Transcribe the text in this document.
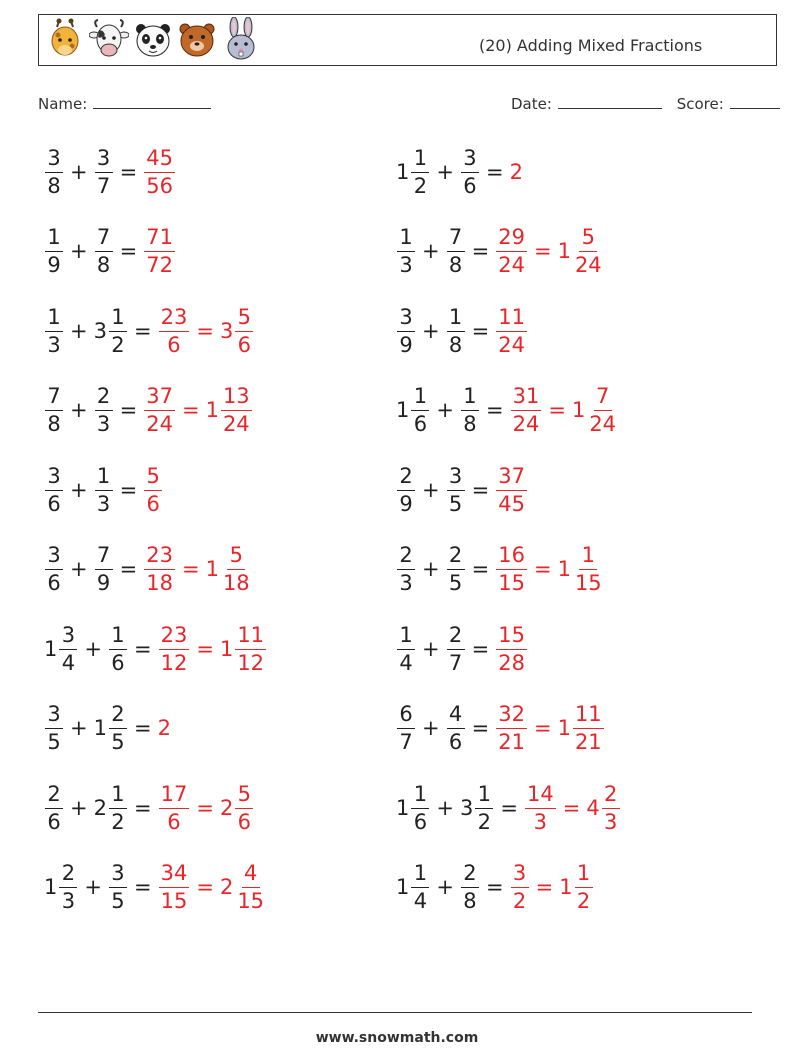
(20) Adding Mixed Fractions
Name:	Date:	Score:
$\frac{3}{8} + \frac{3}{7} = \frac{45}{56}$
$\frac{1}{9} + \frac{7}{8} = \frac{71}{72}$
$\frac{1}{3} + 3 \frac{1}{2} = \frac{23}{6} = 3 \frac{5}{6}$
$\frac{7}{8} + \frac{2}{3} = \frac{37}{24} = 1 \frac{13}{24}$
$\frac{3}{6} + \frac{1}{3} = \frac{5}{6}$
$\frac{3}{6} + \frac{7}{9} = \frac{23}{18} = 1 \frac{5}{18}$
$1 \frac{3}{4} + \frac{1}{6} = \frac{23}{12} = 1 \frac{11}{12}$
$\frac{3}{5} + 1 \frac{2}{5} = 2$
$\frac{2}{6} + 2 \frac{1}{2} = \frac{17}{6} = 2 \frac{5}{6}$
$1 \frac{2}{3} + \frac{3}{5} = \frac{34}{15} = 2 \frac{4}{15}$
$1 \frac{1}{2} + \frac{3}{6} = 2$
$\frac{1}{3} + \frac{7}{8} = \frac{29}{24} = 1 \frac{5}{24}$
$\frac{3}{9} + \frac{1}{8} = \frac{11}{24}$
$1 \frac{1}{6} + \frac{1}{8} = \frac{31}{24} = 1 \frac{7}{24}$
$\frac{2}{9} + \frac{3}{5} = \frac{37}{45}$
$\frac{2}{3} + \frac{2}{5} = \frac{16}{15} = 1 \frac{1}{15}$
$\frac{1}{4} + \frac{2}{7} = \frac{15}{28}$
$\frac{6}{7} + \frac{4}{6} = \frac{32}{21} = 1 \frac{11}{21}$
$1 \frac{1}{6} + 3 \frac{1}{2} = \frac{14}{3} = 4 \frac{2}{3}$
$1 \frac{1}{4} + \frac{2}{8} = \frac{3}{2} = 1 \frac{1}{2}$
www.snowmath.com
